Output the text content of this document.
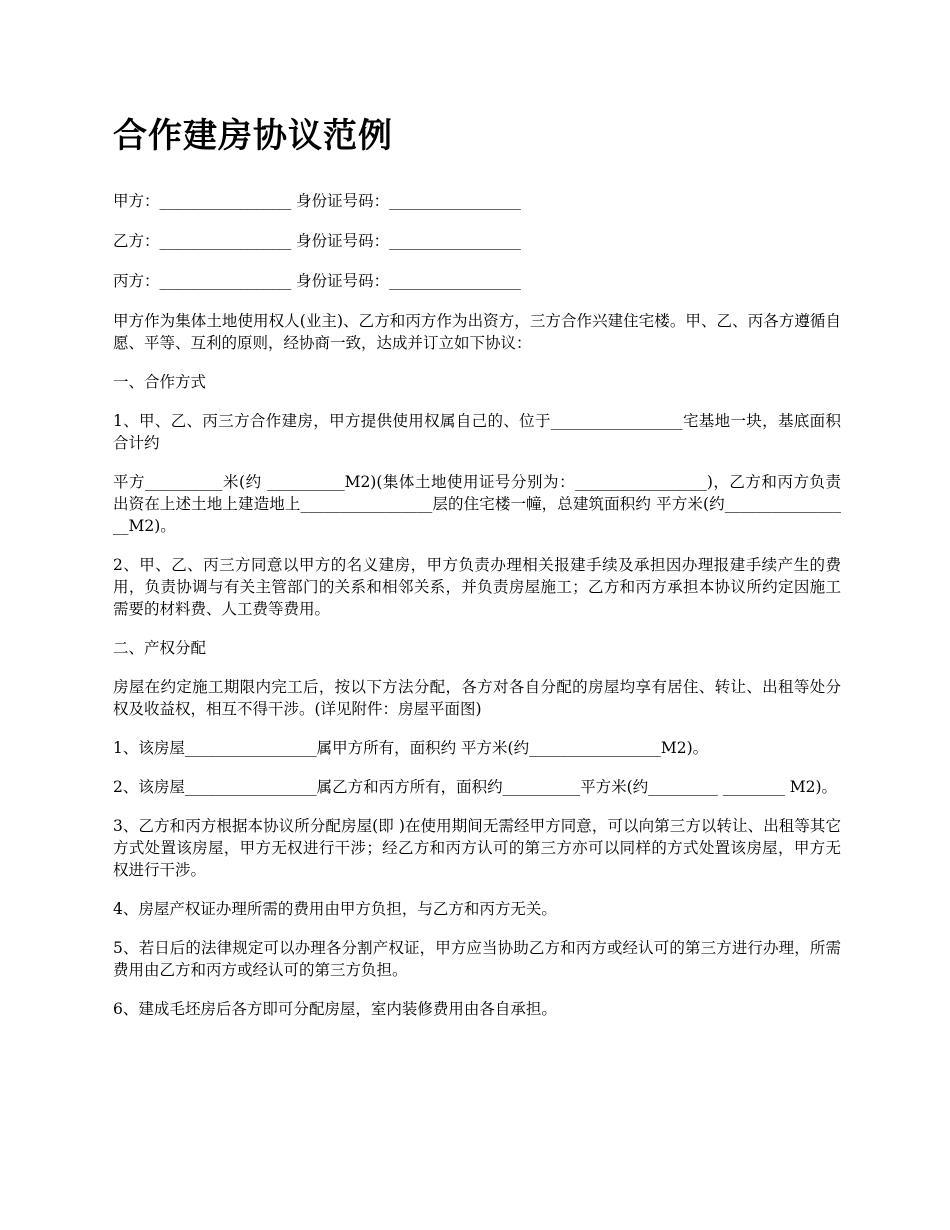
合作建房协议范例

甲方：_________________ 身份证号码：_________________

乙方：_________________ 身份证号码：_________________

丙方：_________________ 身份证号码：_________________

甲方作为集体土地使用权人(业主)、乙方和丙方作为出资方，三方合作兴建住宅楼。甲、乙、丙各方遵循自愿、平等、互利的原则，经协商一致，达成并订立如下协议：

一、合作方式

1、甲、乙、丙三方合作建房，甲方提供使用权属自己的、位于_________________宅基地一块，基底面积合计约

平方__________米(约 __________M2)(集体土地使用证号分别为：_________________)，乙方和丙方负责出资在上述土地上建造地上_________________层的住宅楼一幢，总建筑面积约 平方米(约_________________M2)。

2、甲、乙、丙三方同意以甲方的名义建房，甲方负责办理相关报建手续及承担因办理报建手续产生的费用，负责协调与有关主管部门的关系和相邻关系，并负责房屋施工；乙方和丙方承担本协议所约定因施工需要的材料费、人工费等费用。

二、产权分配

房屋在约定施工期限内完工后，按以下方法分配，各方对各自分配的房屋均享有居住、转让、出租等处分权及收益权，相互不得干涉。(详见附件：房屋平面图)

1、该房屋_________________属甲方所有，面积约 平方米(约_________________M2)。

2、该房屋_________________属乙方和丙方所有，面积约__________平方米(约_________ ________ M2)。

3、乙方和丙方根据本协议所分配房屋(即 )在使用期间无需经甲方同意，可以向第三方以转让、出租等其它方式处置该房屋，甲方无权进行干涉；经乙方和丙方认可的第三方亦可以同样的方式处置该房屋，甲方无权进行干涉。

4、房屋产权证办理所需的费用由甲方负担，与乙方和丙方无关。

5、若日后的法律规定可以办理各分割产权证，甲方应当协助乙方和丙方或经认可的第三方进行办理，所需费用由乙方和丙方或经认可的第三方负担。

6、建成毛坯房后各方即可分配房屋，室内装修费用由各自承担。
